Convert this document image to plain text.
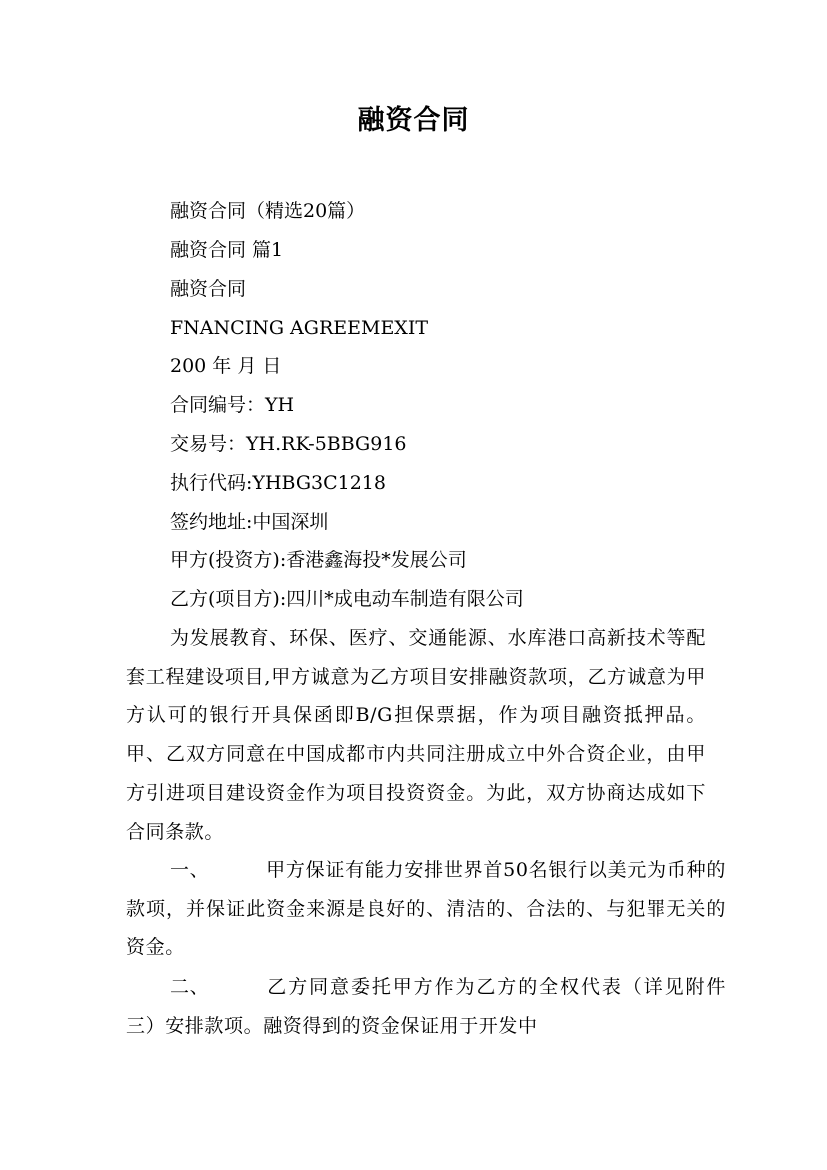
融资合同
融资合同（精选20篇）
融资合同 篇1
融资合同
FNANCING AGREEMEXIT
200 年 月 日
合同编号：YH
交易号：YH.RK-5BBG916
执行代码:YHBG3C1218
签约地址:中国深圳
甲方(投资方):香港鑫海投*发展公司
乙方(项目方):四川*成电动车制造有限公司
为发展教育、环保、医疗、交通能源、水库港口高新技术等配套工程建设项目,甲方诚意为乙方项目安排融资款项，乙方诚意为甲方认可的银行开具保函即B/G担保票据，作为项目融资抵押品。甲、乙双方同意在中国成都市内共同注册成立中外合资企业，由甲方引进项目建设资金作为项目投资资金。为此，双方协商达成如下合同条款。
一、	甲方保证有能力安排世界首50名银行以美元为币种的款项，并保证此资金来源是良好的、清洁的、合法的、与犯罪无关的资金。
二、	乙方同意委托甲方作为乙方的全权代表（详见附件三）安排款项。融资得到的资金保证用于开发中
